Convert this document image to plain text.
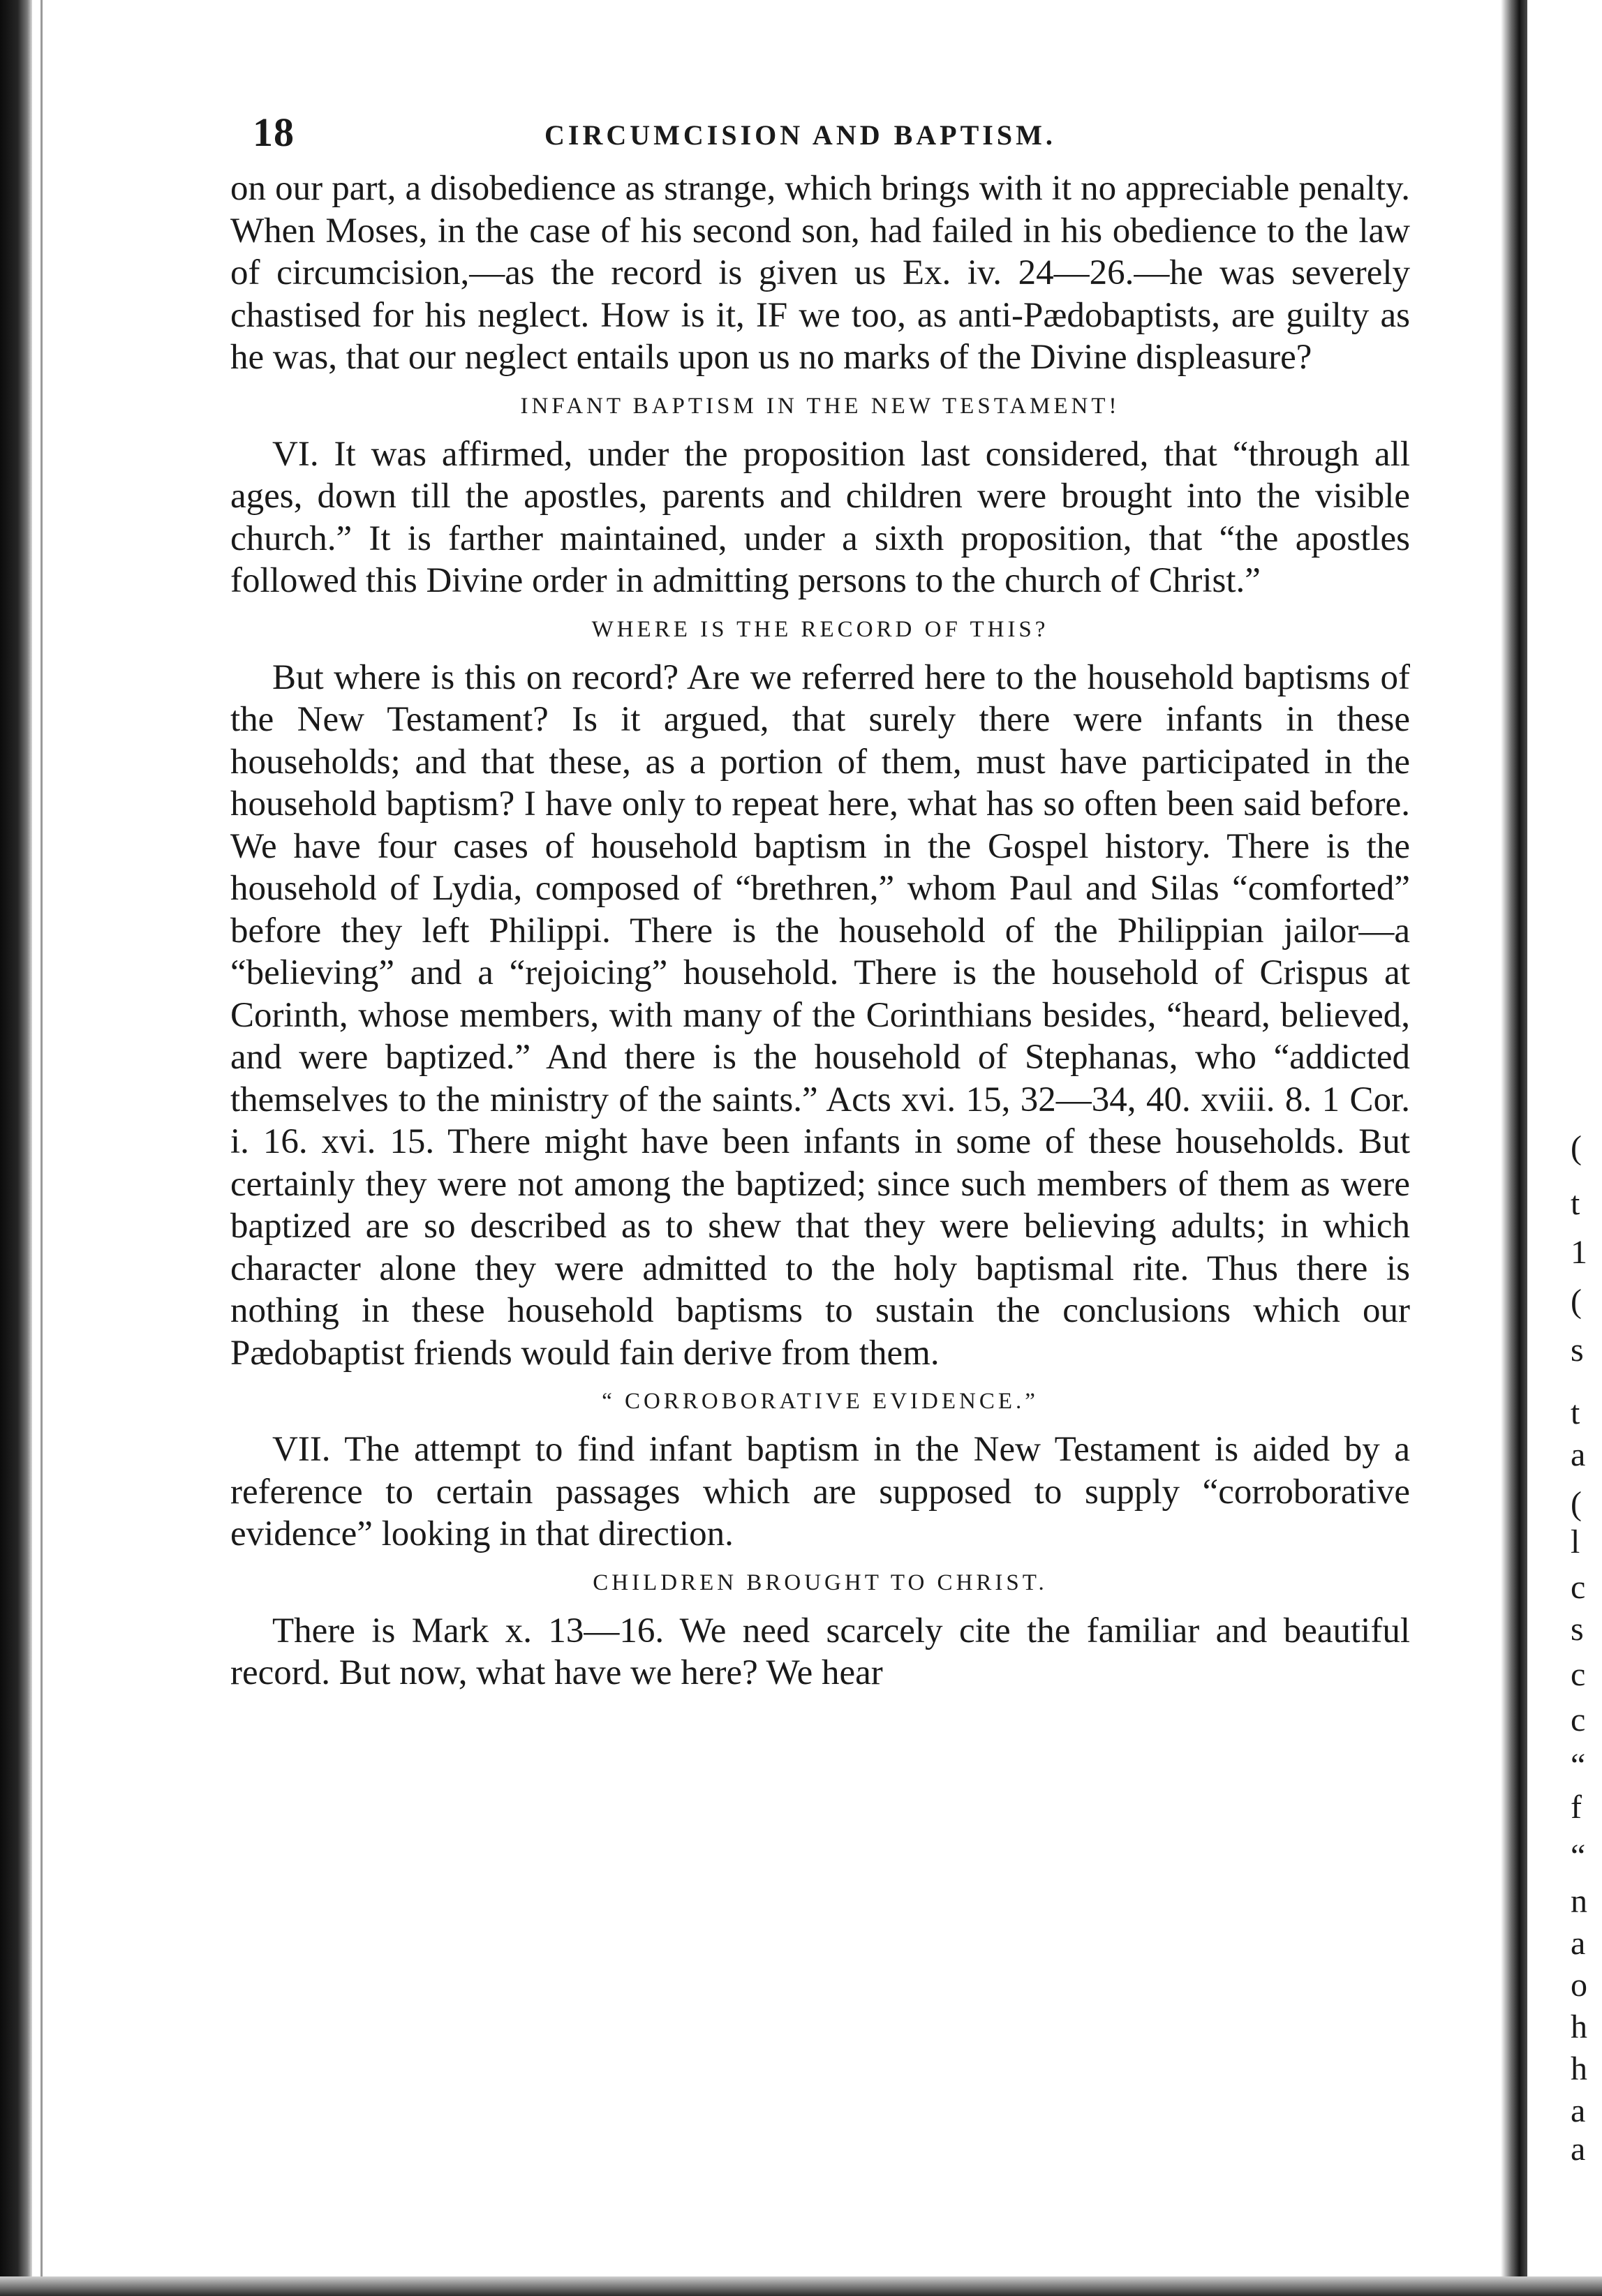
18	CIRCUMCISION AND BAPTISM.

on our part, a disobedience as strange, which brings with it no appreciable penalty. When Moses, in the case of his second son, had failed in his obedience to the law of circumcision,—as the record is given us Ex. iv. 24—26.—he was severely chastised for his neglect. How is it, IF we too, as anti-Pædobaptists, are guilty as he was, that our neglect entails upon us no marks of the Divine displeasure?

INFANT BAPTISM IN THE NEW TESTAMENT!

VI. It was affirmed, under the proposition last considered, that “through all ages, down till the apostles, parents and children were brought into the visible church.” It is farther maintained, under a sixth proposition, that “the apostles followed this Divine order in admitting persons to the church of Christ.”

WHERE IS THE RECORD OF THIS?

But where is this on record? Are we referred here to the household baptisms of the New Testament? Is it argued, that surely there were infants in these households; and that these, as a portion of them, must have participated in the household baptism? I have only to repeat here, what has so often been said before. We have four cases of household baptism in the Gospel history. There is the household of Lydia, composed of “brethren,” whom Paul and Silas “comforted” before they left Philippi. There is the household of the Philippian jailor—a “believing” and a “rejoicing” household. There is the household of Crispus at Corinth, whose members, with many of the Corinthians besides, “heard, believed, and were baptized.” And there is the household of Stephanas, who “addicted themselves to the ministry of the saints.” Acts xvi. 15, 32—34, 40. xviii. 8. 1 Cor. i. 16. xvi. 15. There might have been infants in some of these households. But certainly they were not among the baptized; since such members of them as were baptized are so described as to shew that they were believing adults; in which character alone they were admitted to the holy baptismal rite. Thus there is nothing in these household baptisms to sustain the conclusions which our Pædobaptist friends would fain derive from them.

“ CORROBORATIVE EVIDENCE.”

VII. The attempt to find infant baptism in the New Testament is aided by a reference to certain passages which are supposed to supply “corroborative evidence” looking in that direction.

CHILDREN BROUGHT TO CHRIST.

There is Mark x. 13—16. We need scarcely cite the familiar and beautiful record. But now, what have we here? We hear

(
t
1
(
s
t
a
(
l
c
s
c
c
“
f
“
n
a
o
h
h
a
a
